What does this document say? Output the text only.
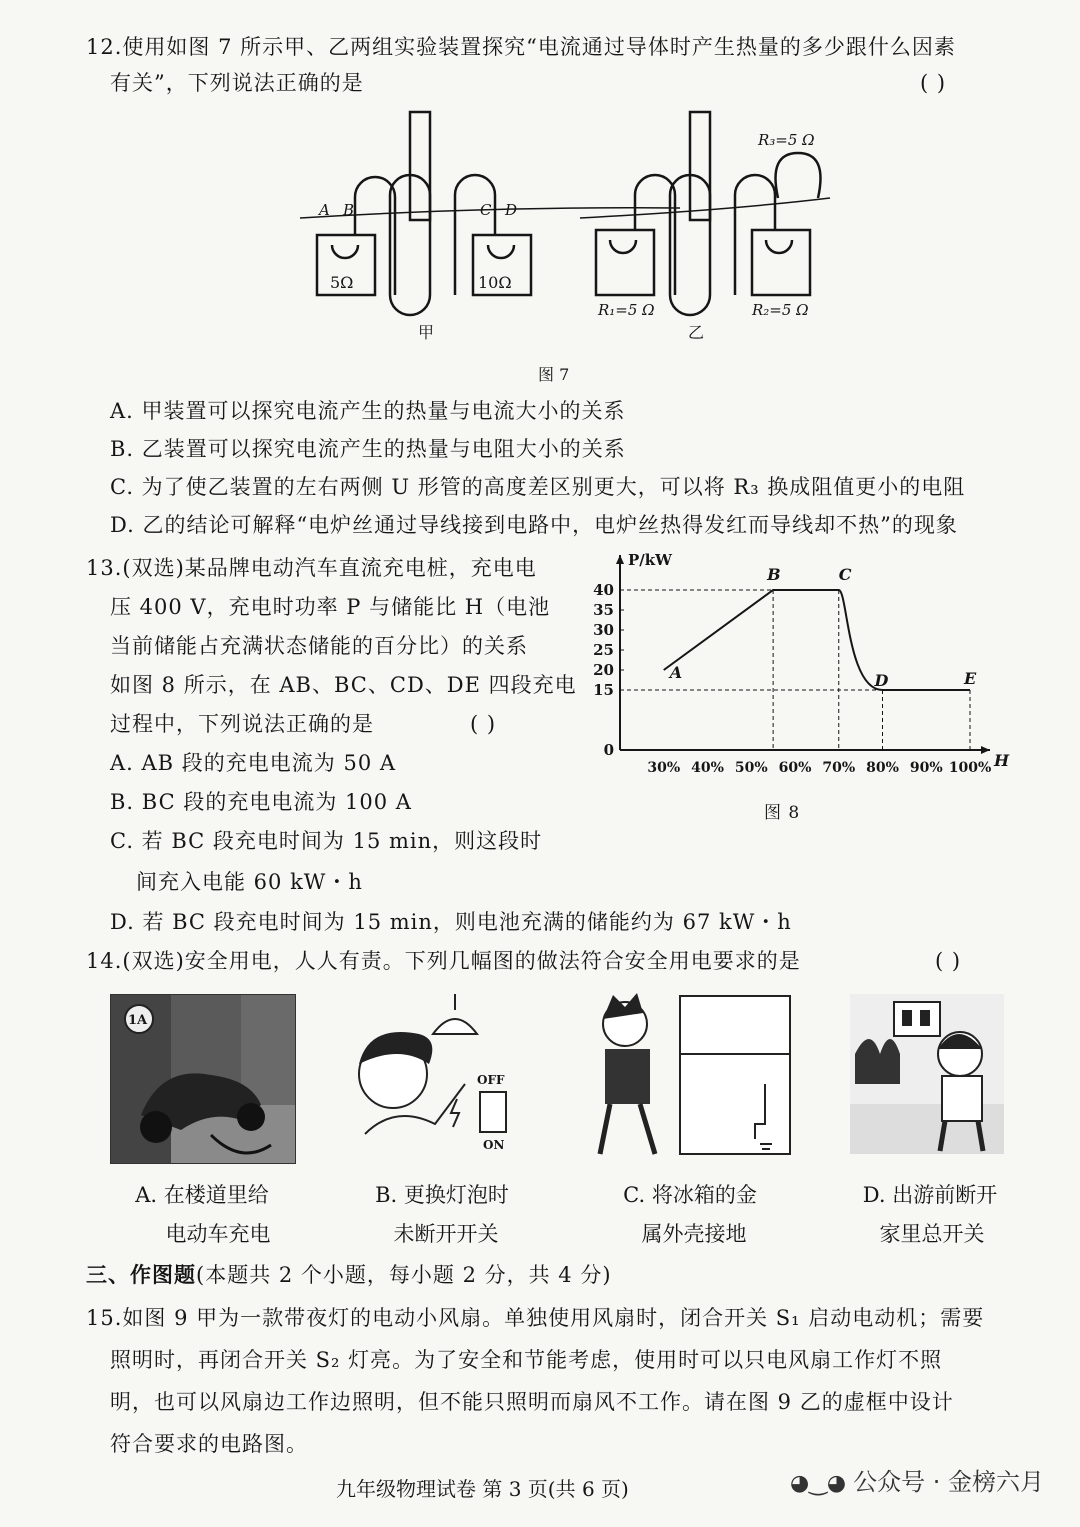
12.使用如图 7 所示甲、乙两组实验装置探究“电流通过导体时产生热量的多少跟什么因素
有关”，下列说法正确的是	( )
A B	C D
R₁=5 Ω	R₂=5 Ω
R₃=5 Ω
5Ω	10Ω
甲	乙
图 7
A. 甲装置可以探究电流产生的热量与电流大小的关系
B. 乙装置可以探究电流产生的热量与电阻大小的关系
C. 为了使乙装置的左右两侧 U 形管的高度差区别更大，可以将 R₃ 换成阻值更小的电阻
D. 乙的结论可解释“电炉丝通过导线接到电路中，电炉丝热得发红而导线却不热”的现象
13.(双选)某品牌电动汽车直流充电桩，充电电
压 400 V，充电时功率 P 与储能比 H（电池
当前储能占充满状态储能的百分比）的关系
如图 8 所示，在 AB、BC、CD、DE 四段充电
过程中，下列说法正确的是	( )
A. AB 段的充电电流为 50 A
B. BC 段的充电电流为 100 A
C. 若 BC 段充电时间为 15 min，则这段时
间充入电能 60 kW・h
D. 若 BC 段充电时间为 15 min，则电池充满的储能约为 67 kW・h
P/kW
H
0
15
20
25
30
35
40
30% 40% 50% 60% 70% 80% 90% 100%
A
B	C
D	E
图 8
14.(双选)安全用电，人人有责。下列几幅图的做法符合安全用电要求的是	( )
1A
A. 在楼道里给
电动车充电
OFF
ON
B. 更换灯泡时
未断开开关
C. 将冰箱的金
属外壳接地
D. 出游前断开
家里总开关
三、作图题 (本题共 2 个小题，每小题 2 分，共 4 分)
15.如图 9 甲为一款带夜灯的电动小风扇。单独使用风扇时，闭合开关 S₁ 启动电动机；需要
照明时，再闭合开关 S₂ 灯亮。为了安全和节能考虑，使用时可以只电风扇工作灯不照
明，也可以风扇边工作边照明，但不能只照明而扇风不工作。请在图 9 乙的虚框中设计
符合要求的电路图。
九年级物理试卷 第 3 页(共 6 页)	◕‿◕ 公众号 · 金榜六月
